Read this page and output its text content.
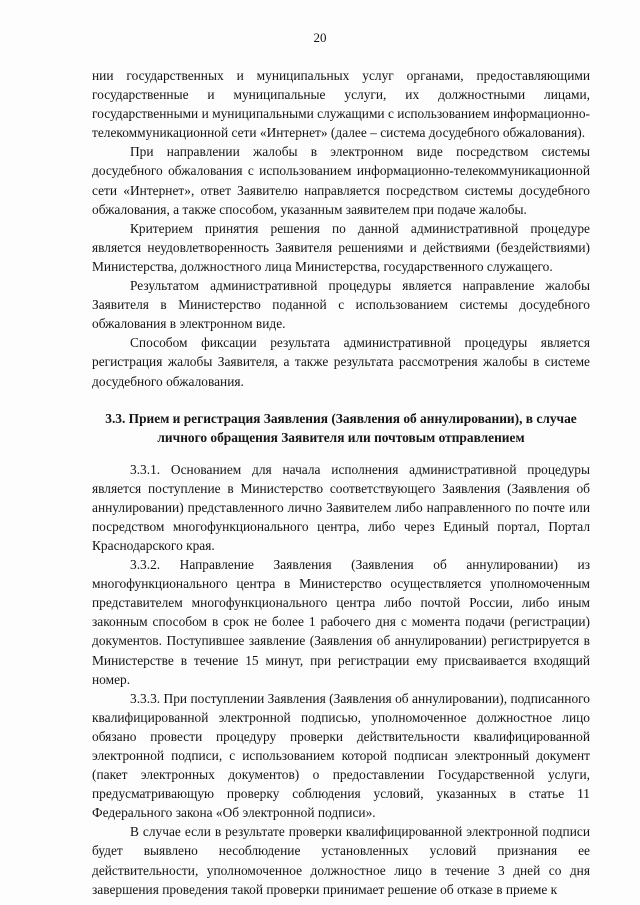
20

нии государственных и муниципальных услуг органами, предоставляющими государственные и муниципальные услуги, их должностными лицами, государственными и муниципальными служащими с использованием информационно-телекоммуникационной сети «Интернет» (далее – система досудебного обжалования).

При направлении жалобы в электронном виде посредством системы досудебного обжалования с использованием информационно-телекоммуникационной сети «Интернет», ответ Заявителю направляется посредством системы досудебного обжалования, а также способом, указанным заявителем при подаче жалобы.

Критерием принятия решения по данной административной процедуре является неудовлетворенность Заявителя решениями и действиями (бездействиями) Министерства, должностного лица Министерства, государственного служащего.

Результатом административной процедуры является направление жалобы Заявителя в Министерство поданной с использованием системы досудебного обжалования в электронном виде.

Способом фиксации результата административной процедуры является регистрация жалобы Заявителя, а также результата рассмотрения жалобы в системе досудебного обжалования.

3.3. Прием и регистрация Заявления (Заявления об аннулировании), в случае личного обращения Заявителя или почтовым отправлением

3.3.1. Основанием для начала исполнения административной процедуры является поступление в Министерство соответствующего Заявления (Заявления об аннулировании) представленного лично Заявителем либо направленного по почте или посредством многофункционального центра, либо через Единый портал, Портал Краснодарского края.

3.3.2. Направление Заявления (Заявления об аннулировании) из многофункционального центра в Министерство осуществляется уполномоченным представителем многофункционального центра либо почтой России, либо иным законным способом в срок не более 1 рабочего дня с момента подачи (регистрации) документов. Поступившее заявление (Заявления об аннулировании) регистрируется в Министерстве в течение 15 минут, при регистрации ему присваивается входящий номер.

3.3.3. При поступлении Заявления (Заявления об аннулировании), подписанного квалифицированной электронной подписью, уполномоченное должностное лицо обязано провести процедуру проверки действительности квалифицированной электронной подписи, с использованием которой подписан электронный документ (пакет электронных документов) о предоставлении Государственной услуги, предусматривающую проверку соблюдения условий, указанных в статье 11 Федерального закона «Об электронной подписи».

В случае если в результате проверки квалифицированной электронной подписи будет выявлено несоблюдение установленных условий признания ее действительности, уполномоченное должностное лицо в течение 3 дней со дня завершения проведения такой проверки принимает решение об отказе в приеме к
